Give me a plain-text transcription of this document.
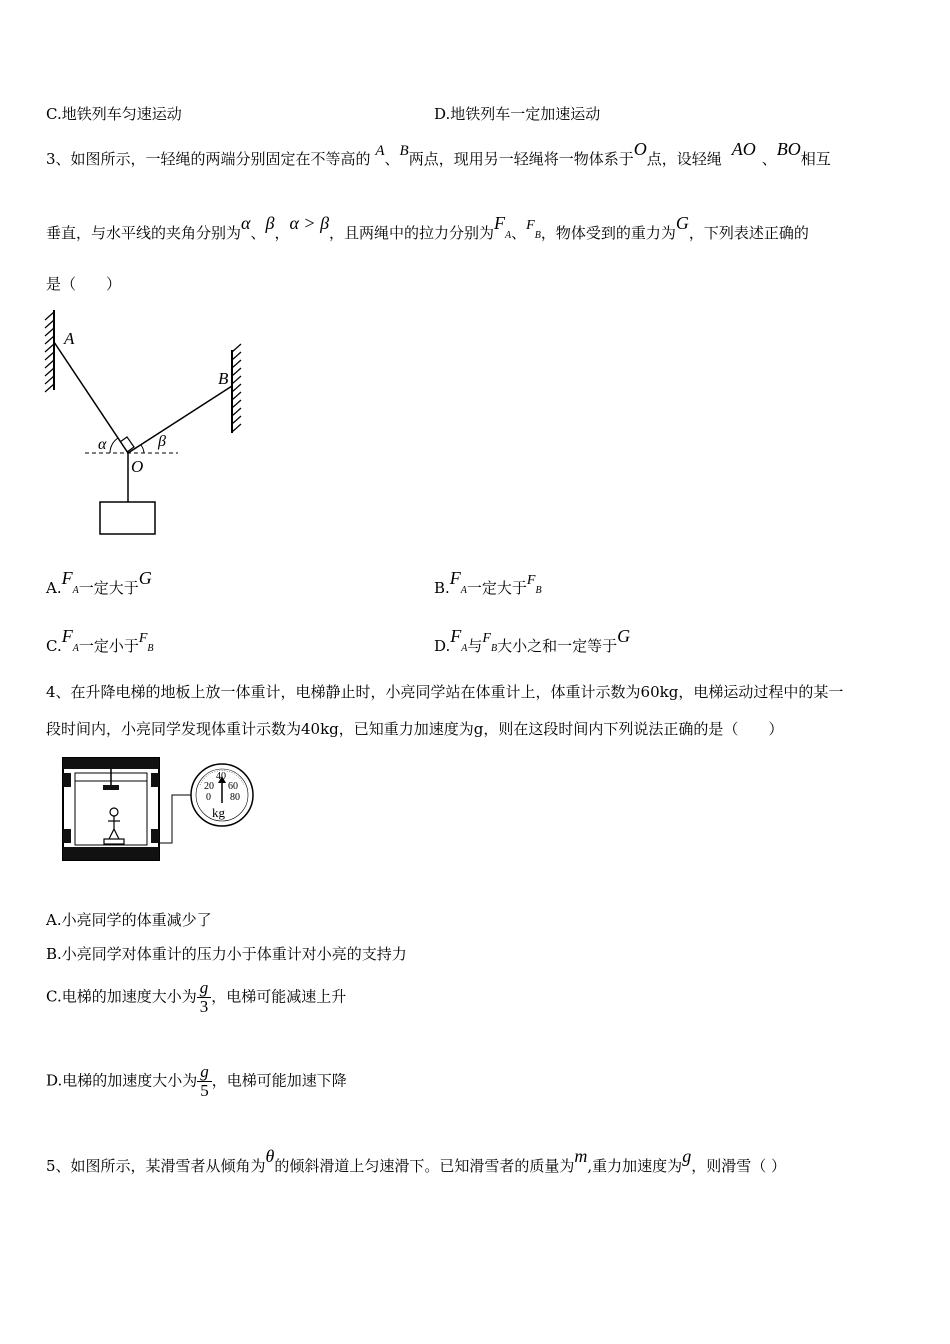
C.地铁列车匀速运动	D.地铁列车一定加速运动
3、如图所示，一轻绳的两端分别固定在不等高的 A、B两点，现用另一轻绳将一物体系于O点，设轻绳 AO 、BO相互
垂直，与水平线的夹角分别为α、β，α > β，且两绳中的拉力分别为FA、FB，物体受到的重力为G，下列表述正确的
是（　　）
A
B
O
α	β
A.FA一定大于G	B.FA一定大于FB
C.FA一定小于FB	D.FA与FB大小之和一定等于G
4、在升降电梯的地板上放一体重计，电梯静止时，小亮同学站在体重计上，体重计示数为60kg，电梯运动过程中的某一
段时间内，小亮同学发现体重计示数为40kg，已知重力加速度为g，则在这段时间内下列说法正确的是（　　）
40
20 60
0 80
kg
A.小亮同学的体重减少了
B.小亮同学对体重计的压力小于体重计对小亮的支持力
C.电梯的加速度大小为 $\frac{g}{3}$ ，电梯可能减速上升
D.电梯的加速度大小为 $\frac{g}{5}$ ，电梯可能加速下降
5、如图所示，某滑雪者从倾角为θ的倾斜滑道上匀速滑下。已知滑雪者的质量为m,重力加速度为g，则滑雪（ ）
